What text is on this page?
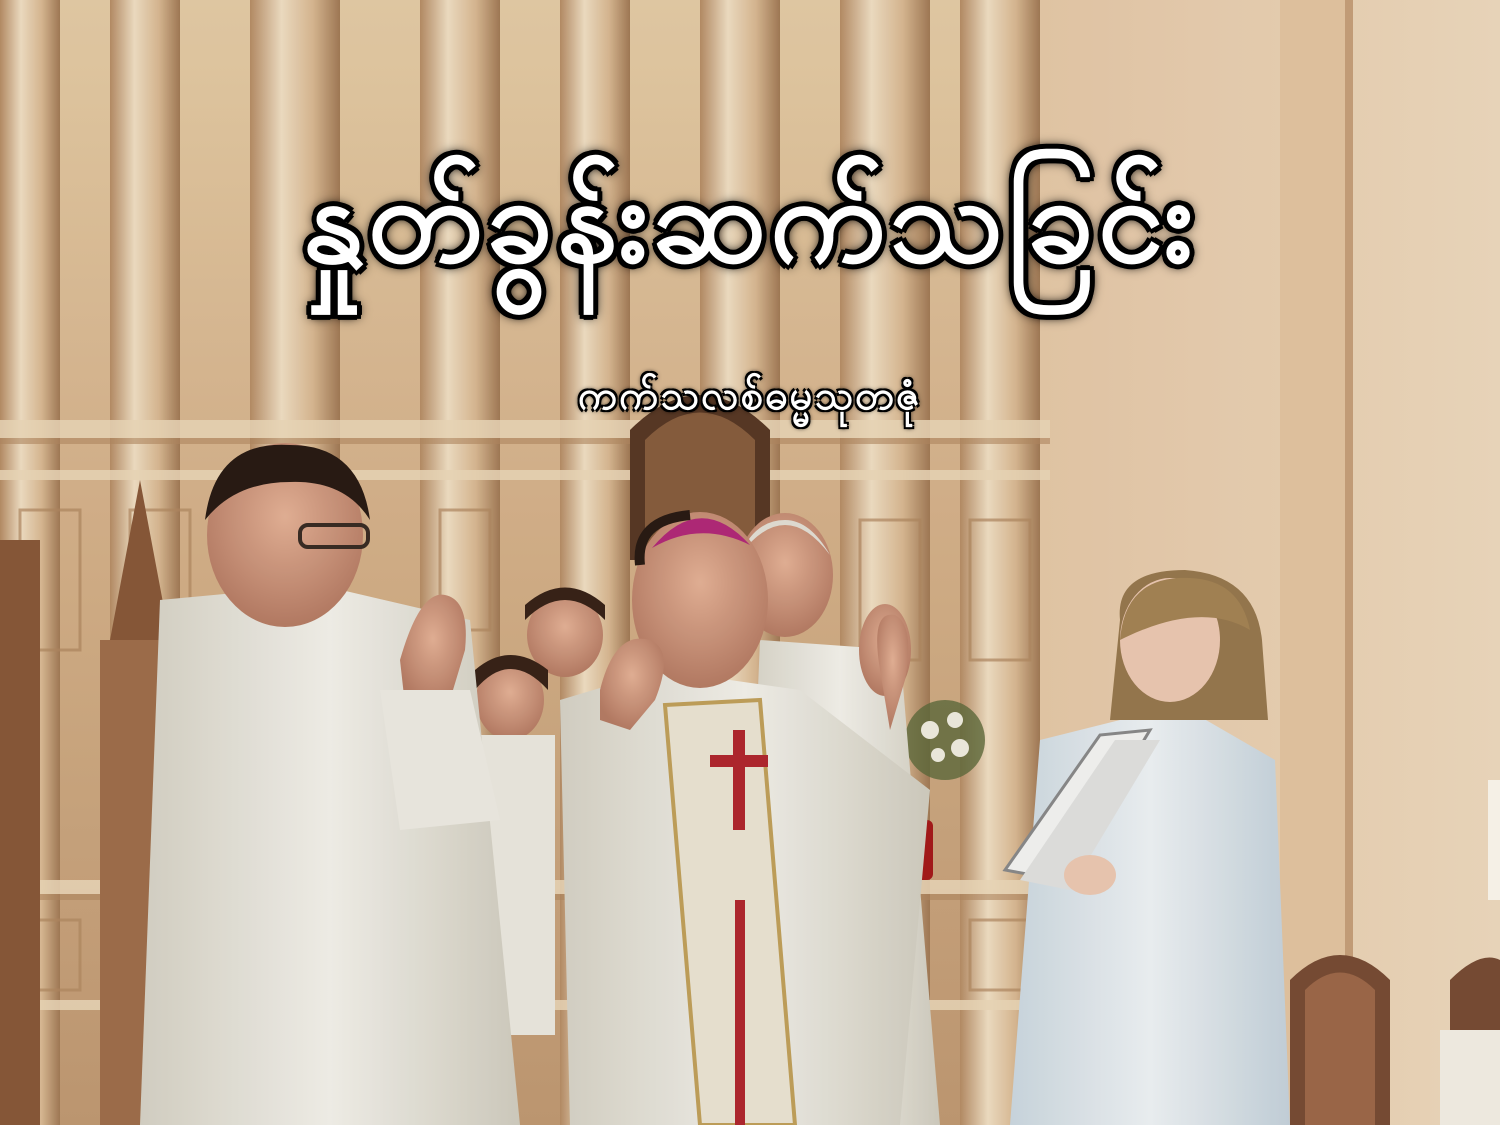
နှုတ်ခွန်းဆက်သခြင်း
ကက်သလစ်ဓမ္မသုတဇုံ
